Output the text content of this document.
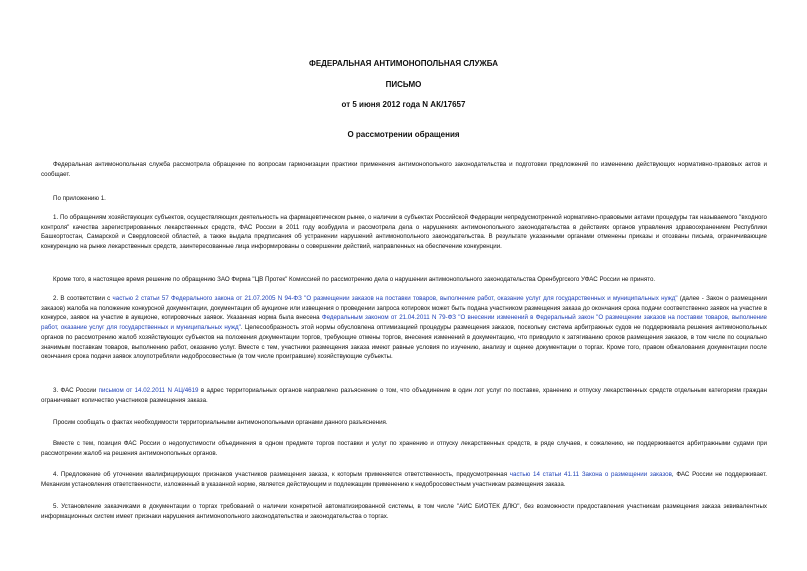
ФЕДЕРАЛЬНАЯ АНТИМОНОПОЛЬНАЯ СЛУЖБА

ПИСЬМО

от 5 июня 2012 года N АК/17657

О рассмотрении обращения

Федеральная антимонопольная служба рассмотрела обращение по вопросам гармонизации практики применения антимонопольного законодательства и подготовки предложений по изменению действующих нормативно-правовых актов и сообщает.

По приложению 1.

1. По обращениям хозяйствующих субъектов, осуществляющих деятельность на фармацевтическом рынке, о наличии в субъектах Российской Федерации непредусмотренной нормативно-правовыми актами процедуры так называемого "входного контроля" качества зарегистрированных лекарственных средств, ФАС России в 2011 году возбудила и рассмотрела дела о нарушениях антимонопольного законодательства в действиях органов управления здравоохранением Республики Башкортостан, Самарской и Свердловской областей, а также выдала предписания об устранении нарушений антимонопольного законодательства. В результате указанными органами отменены приказы и отозваны письма, ограничивающие конкуренцию на рынке лекарственных средств, заинтересованные лица информированы о совершении действий, направленных на обеспечение конкуренции.

Кроме того, в настоящее время решение по обращению ЗАО Фирма "ЦВ Протек" Комиссией по рассмотрению дела о нарушении антимонопольного законодательства Оренбургского УФАС России не принято.

2. В соответствии с частью 2 статьи 57 Федерального закона от 21.07.2005 N 94-ФЗ "О размещении заказов на поставки товаров, выполнение работ, оказание услуг для государственных и муниципальных нужд" (далее - Закон о размещении заказов) жалоба на положение конкурсной документации, документации об аукционе или извещения о проведении запроса котировок может быть подана участником размещения заказа до окончания срока подачи соответственно заявок на участие в конкурсе, заявок на участие в аукционе, котировочных заявок. Указанная норма была внесена Федеральным законом от 21.04.2011 N 79-ФЗ "О внесении изменений в Федеральный закон "О размещении заказов на поставки товаров, выполнение работ, оказание услуг для государственных и муниципальных нужд". Целесообразность этой нормы обусловлена оптимизацией процедуры размещения заказов, поскольку система арбитражных судов не поддерживала решения антимонопольных органов по рассмотрению жалоб хозяйствующих субъектов на положения документации торгов, требующие отмены торгов, внесения изменений в документацию, что приводило к затягиванию сроков размещения заказов, в том числе по социально значимым поставкам товаров, выполнению работ, оказанию услуг. Вместе с тем, участники размещения заказа имеют равные условия по изучению, анализу и оценке документации о торгах. Кроме того, правом обжалования документации после окончания срока подачи заявок злоупотребляли недобросовестные (в том числе проигравшие) хозяйствующие субъекты.

3. ФАС России письмом от 14.02.2011 N АЦ/4619 в адрес территориальных органов направлено разъяснение о том, что объединение в один лот услуг по поставке, хранению и отпуску лекарственных средств отдельным категориям граждан ограничивает количество участников размещения заказа.

Просим сообщать о фактах необходимости территориальными антимонопольными органами данного разъяснения.

Вместе с тем, позиция ФАС России о недопустимости объединения в одном предмете торгов поставки и услуг по хранению и отпуску лекарственных средств, в ряде случаев, к сожалению, не поддерживается арбитражными судами при рассмотрении жалоб на решения антимонопольных органов.

4. Предложение об уточнении квалифицирующих признаков участников размещения заказа, к которым применяется ответственность, предусмотренная частью 14 статьи 41.11 Закона о размещении заказов, ФАС России не поддерживает. Механизм установления ответственности, изложенный в указанной норме, является действующим и подлежащим применению к недобросовестным участникам размещения заказа.

5. Установление заказчиками в документации о торгах требований о наличии конкретной автоматизированной системы, в том числе "АИС БИОТЕК ДЛЮ", без возможности предоставления участникам размещения заказа эквивалентных информационных систем имеет признаки нарушения антимонопольного законодательства и законодательства о торгах.
